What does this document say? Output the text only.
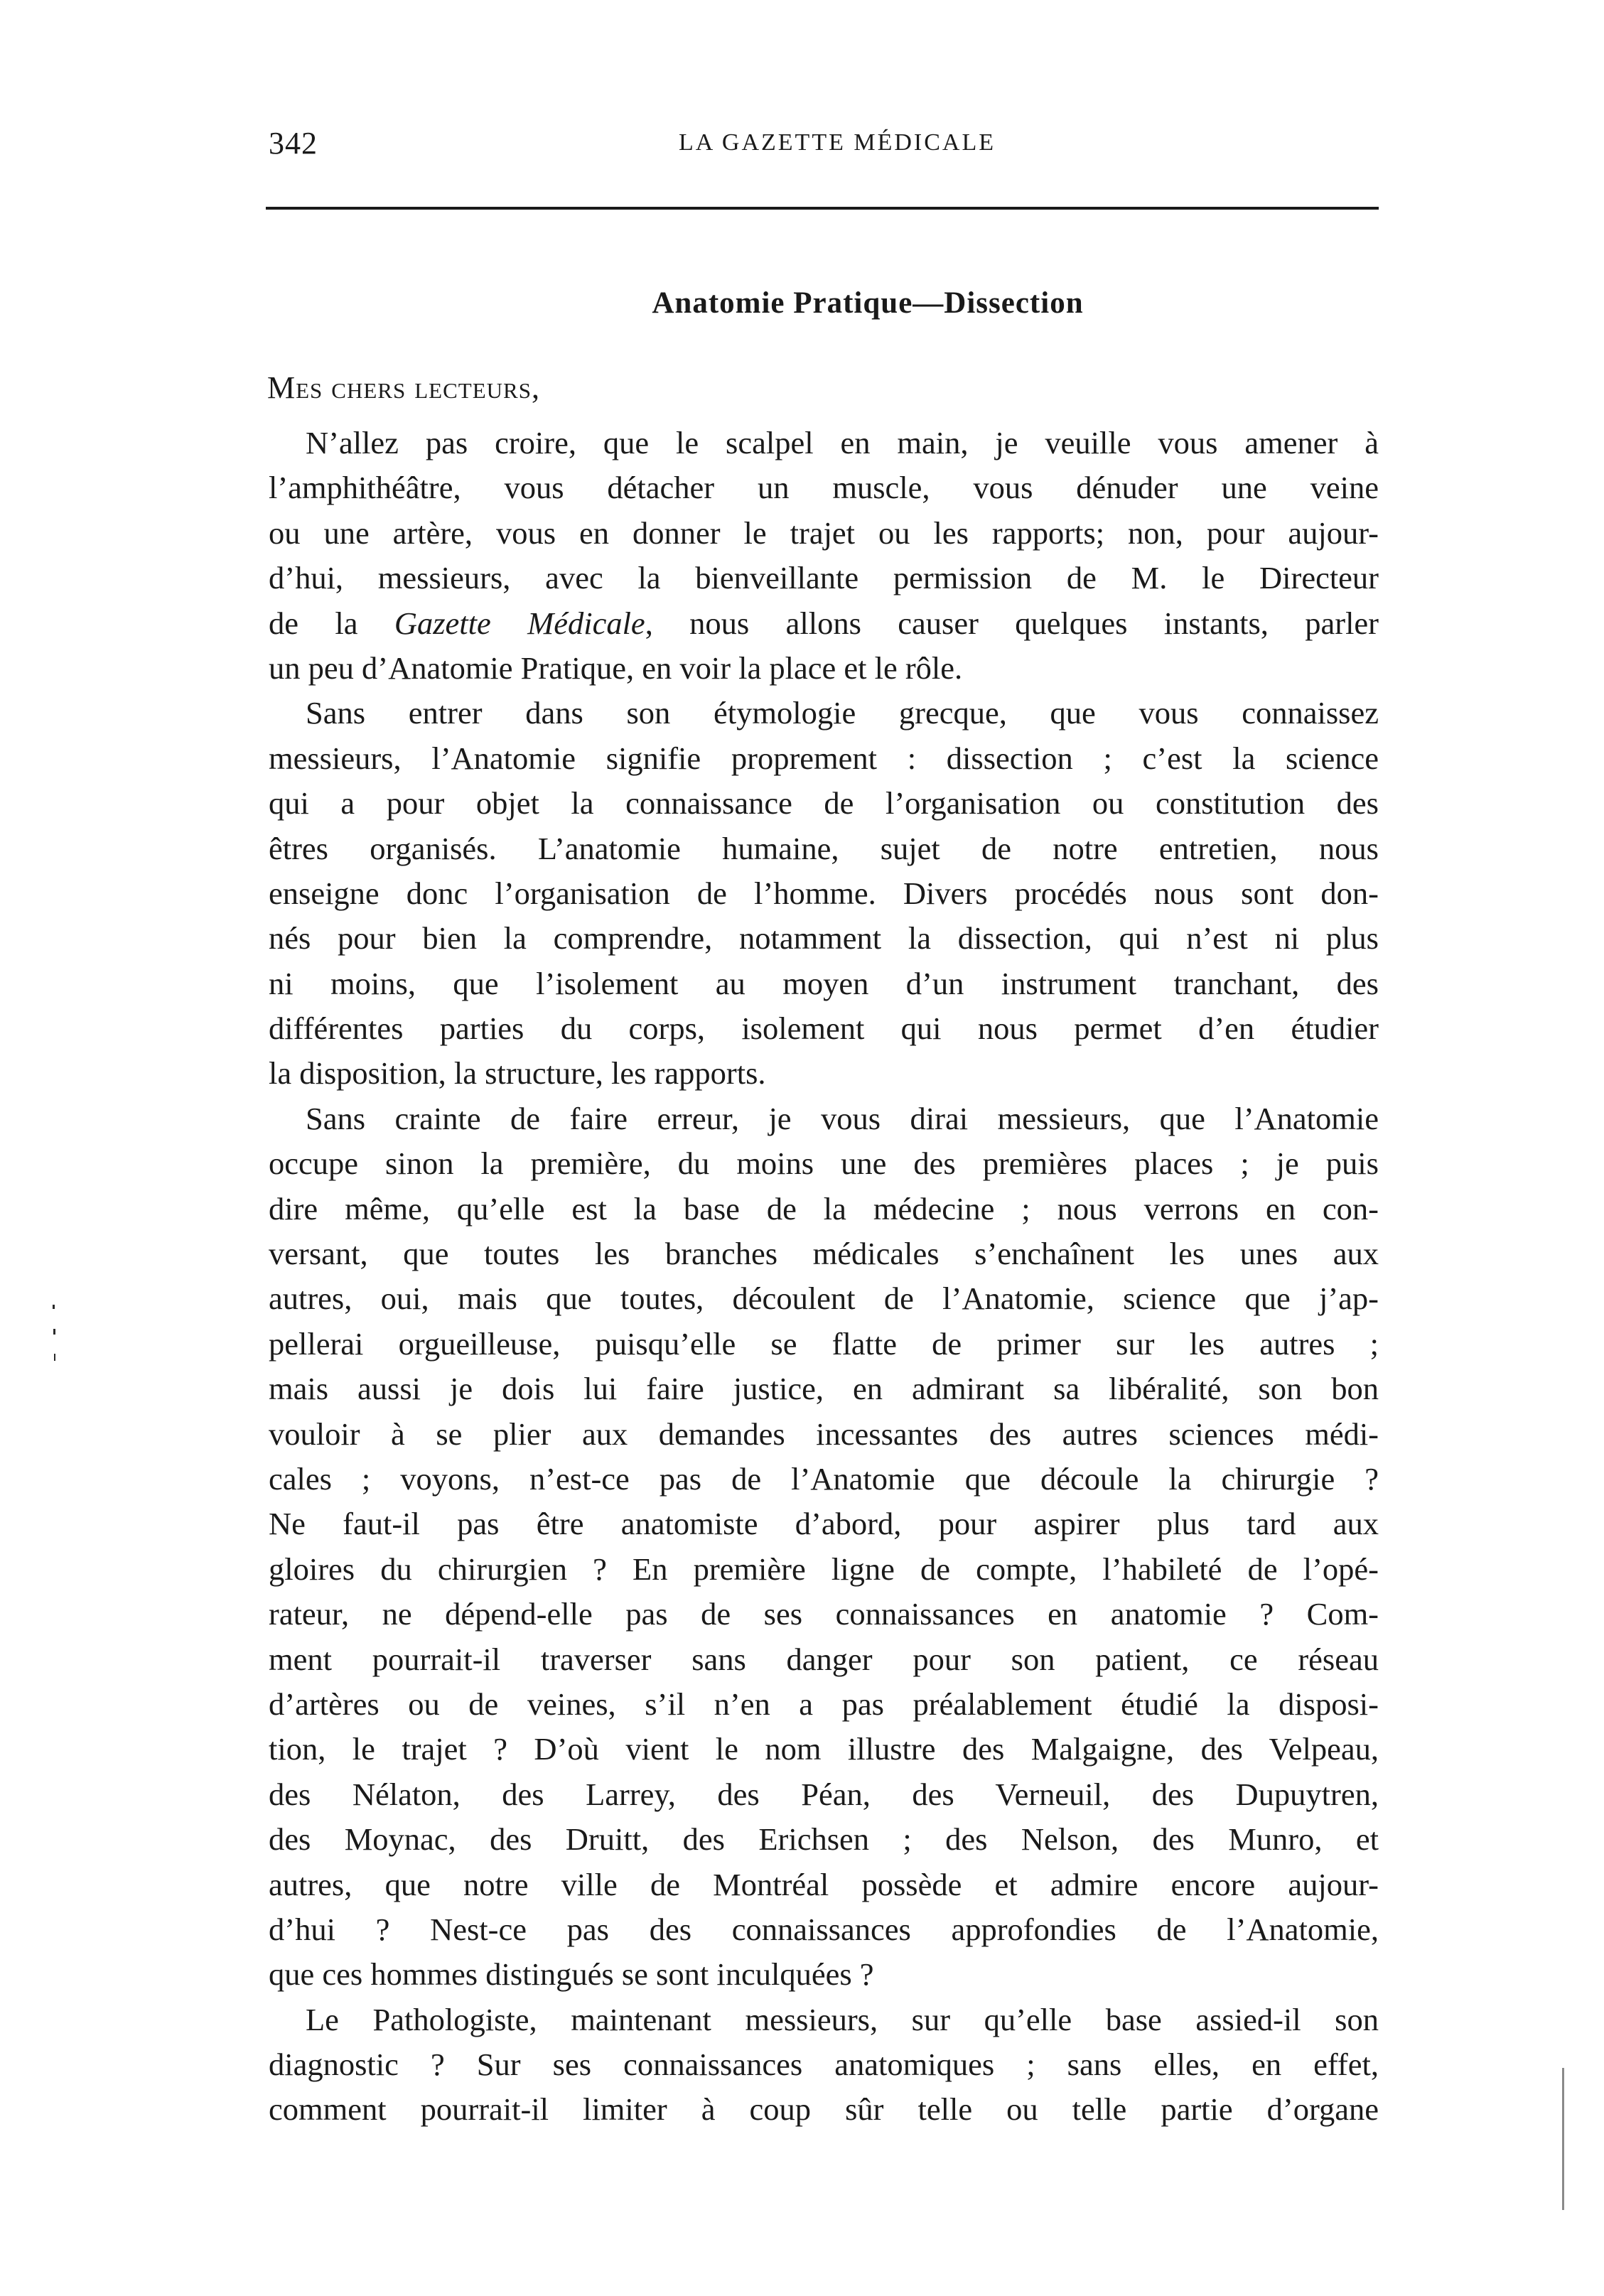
342	LA GAZETTE MÉDICALE
Anatomie Pratique—Dissection
Mes chers lecteurs,
N’allez pas croire, que le scalpel en main, je veuille vous amener à
l’amphithéâtre, vous détacher un muscle, vous dénuder une veine
ou une artère, vous en donner le trajet ou les rapports; non, pour aujour-
d’hui, messieurs, avec la bienveillante permission de M. le Directeur
de la Gazette Médicale, nous allons causer quelques instants, parler
un peu d’Anatomie Pratique, en voir la place et le rôle.
Sans entrer dans son étymologie grecque, que vous connaissez
messieurs, l’Anatomie signifie proprement : dissection ; c’est la science
qui a pour objet la connaissance de l’organisation ou constitution des
êtres organisés. L’anatomie humaine, sujet de notre entretien, nous
enseigne donc l’organisation de l’homme. Divers procédés nous sont don-
nés pour bien la comprendre, notamment la dissection, qui n’est ni plus
ni moins, que l’isolement au moyen d’un instrument tranchant, des
différentes parties du corps, isolement qui nous permet d’en étudier
la disposition, la structure, les rapports.
Sans crainte de faire erreur, je vous dirai messieurs, que l’Anatomie
occupe sinon la première, du moins une des premières places ; je puis
dire même, qu’elle est la base de la médecine ; nous verrons en con-
versant, que toutes les branches médicales s’enchaînent les unes aux
autres, oui, mais que toutes, découlent de l’Anatomie, science que j’ap-
pellerai orgueilleuse, puisqu’elle se flatte de primer sur les autres ;
mais aussi je dois lui faire justice, en admirant sa libéralité, son bon
vouloir à se plier aux demandes incessantes des autres sciences médi-
cales ; voyons, n’est-ce pas de l’Anatomie que découle la chirurgie ?
Ne faut-il pas être anatomiste d’abord, pour aspirer plus tard aux
gloires du chirurgien ? En première ligne de compte, l’habileté de l’opé-
rateur, ne dépend-elle pas de ses connaissances en anatomie ? Com-
ment pourrait-il traverser sans danger pour son patient, ce réseau
d’artères ou de veines, s’il n’en a pas préalablement étudié la disposi-
tion, le trajet ? D’où vient le nom illustre des Malgaigne, des Velpeau,
des Nélaton, des Larrey, des Péan, des Verneuil, des Dupuytren,
des Moynac, des Druitt, des Erichsen ; des Nelson, des Munro, et
autres, que notre ville de Montréal possède et admire encore aujour-
d’hui ? Nest-ce pas des connaissances approfondies de l’Anatomie,
que ces hommes distingués se sont inculquées ?
Le Pathologiste, maintenant messieurs, sur qu’elle base assied-il son
diagnostic ? Sur ses connaissances anatomiques ; sans elles, en effet,
comment pourrait-il limiter à coup sûr telle ou telle partie d’organe
